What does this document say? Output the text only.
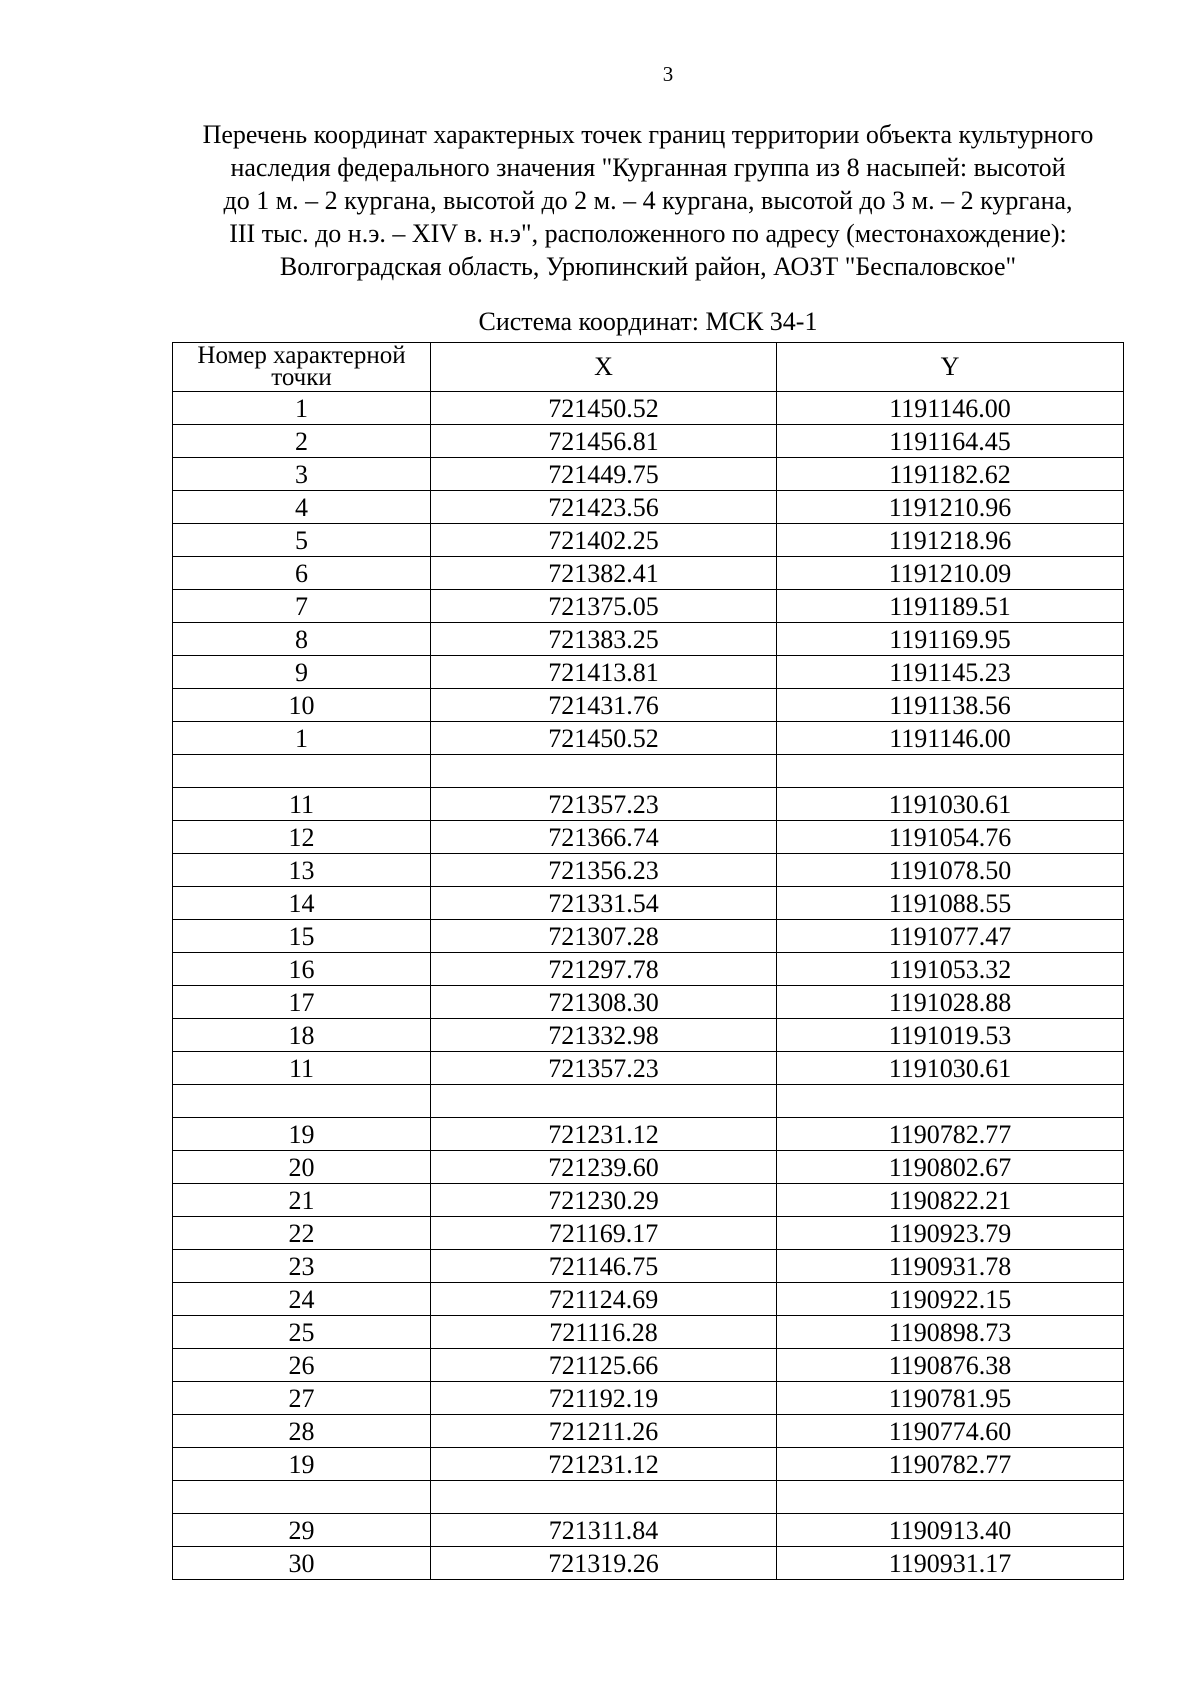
3
Перечень координат характерных точек границ территории объекта культурного
наследия федерального значения "Курганная группа из 8 насыпей: высотой
до 1 м. – 2 кургана, высотой до 2 м. – 4 кургана, высотой до 3 м. – 2 кургана,
III тыс. до н.э. – XIV в. н.э", расположенного по адресу (местонахождение):
Волгоградская область, Урюпинский район, АОЗТ "Беспаловское"
Система координат: МСК 34-1
Номер характерной
точки	X	Y
1	721450.52	1191146.00
2	721456.81	1191164.45
3	721449.75	1191182.62
4	721423.56	1191210.96
5	721402.25	1191218.96
6	721382.41	1191210.09
7	721375.05	1191189.51
8	721383.25	1191169.95
9	721413.81	1191145.23
10	721431.76	1191138.56
1	721450.52	1191146.00

11	721357.23	1191030.61
12	721366.74	1191054.76
13	721356.23	1191078.50
14	721331.54	1191088.55
15	721307.28	1191077.47
16	721297.78	1191053.32
17	721308.30	1191028.88
18	721332.98	1191019.53
11	721357.23	1191030.61

19	721231.12	1190782.77
20	721239.60	1190802.67
21	721230.29	1190822.21
22	721169.17	1190923.79
23	721146.75	1190931.78
24	721124.69	1190922.15
25	721116.28	1190898.73
26	721125.66	1190876.38
27	721192.19	1190781.95
28	721211.26	1190774.60
19	721231.12	1190782.77

29	721311.84	1190913.40
30	721319.26	1190931.17
